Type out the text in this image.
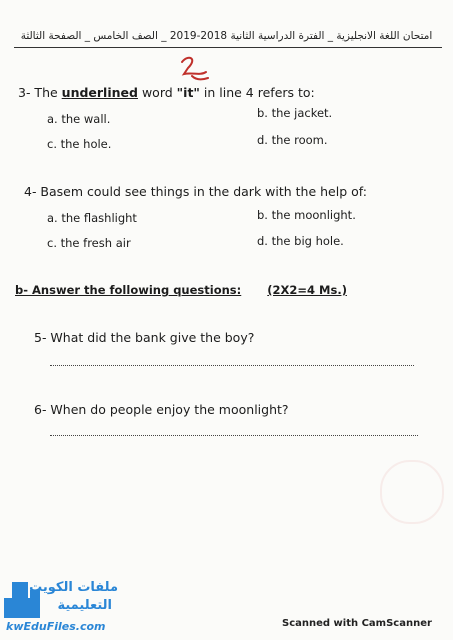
امتحان اللغة الانجليزية _ الفترة الدراسية الثانية 2018-2019 _ الصف الخامس _ الصفحة الثالثة
3- The underlined word "it" in line 4 refers to:
a. the wall.	b. the jacket.
c. the hole.	d. the room.
4- Basem could see things in the dark with the help of:
a. the flashlight	b. the moonlight.
c. the fresh air	d. the big hole.
b- Answer the following questions: (2X2=4 Ms.)
5- What did the bank give the boy?
6- When do people enjoy the moonlight?
ملفات الكويت
التعليمية
kwEduFiles.com	Scanned with CamScanner
